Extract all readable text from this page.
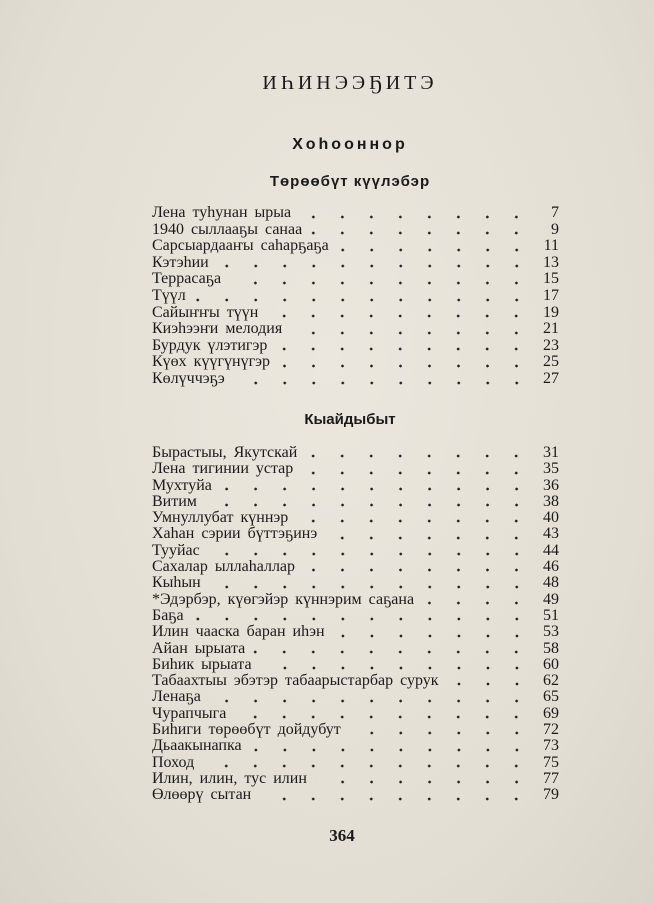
ИҺИНЭЭҔИТЭ
Хоһооннор
Төрөөбүт күүлэбэр
Лена туһунан ырыа	7
1940 сыллааҕы санаа	9
Сарсыардааҥы саһарҕаҕа	11
Кэтэһии	13
Террасаҕа	15
Түүл	17
Сайыҥҥы түүн	19
Киэһээҥи мелодия	21
Бурдук үлэтигэр	23
Күөх күүгүнүгэр	25
Көлүччэҕэ	27
Кыайдыбыт
Бырастыы, Якутскай	31
Лена тигинии устар	35
Мухтуйа	36
Витим	38
Умнуллубат күннэр	40
Хаһан сэрии бүттэҕинэ	43
Тууйас	44
Сахалар ыллаһаллар	46
Кыһын	48
*Эдэрбэр, күөгэйэр күннэрим саҕана	49
Баҕа	51
Илин чааска баран иһэн	53
Айан ырыата	58
Биһик ырыата	60
Табаахтыы эбэтэр табаарыстарбар сурук	62
Ленаҕа	65
Чурапчыга	69
Биһиги төрөөбүт дойдубут	72
Дьаакынапка	73
Поход	75
Илин, илин, тус илин	77
Өлөөрү сытан	79
364
